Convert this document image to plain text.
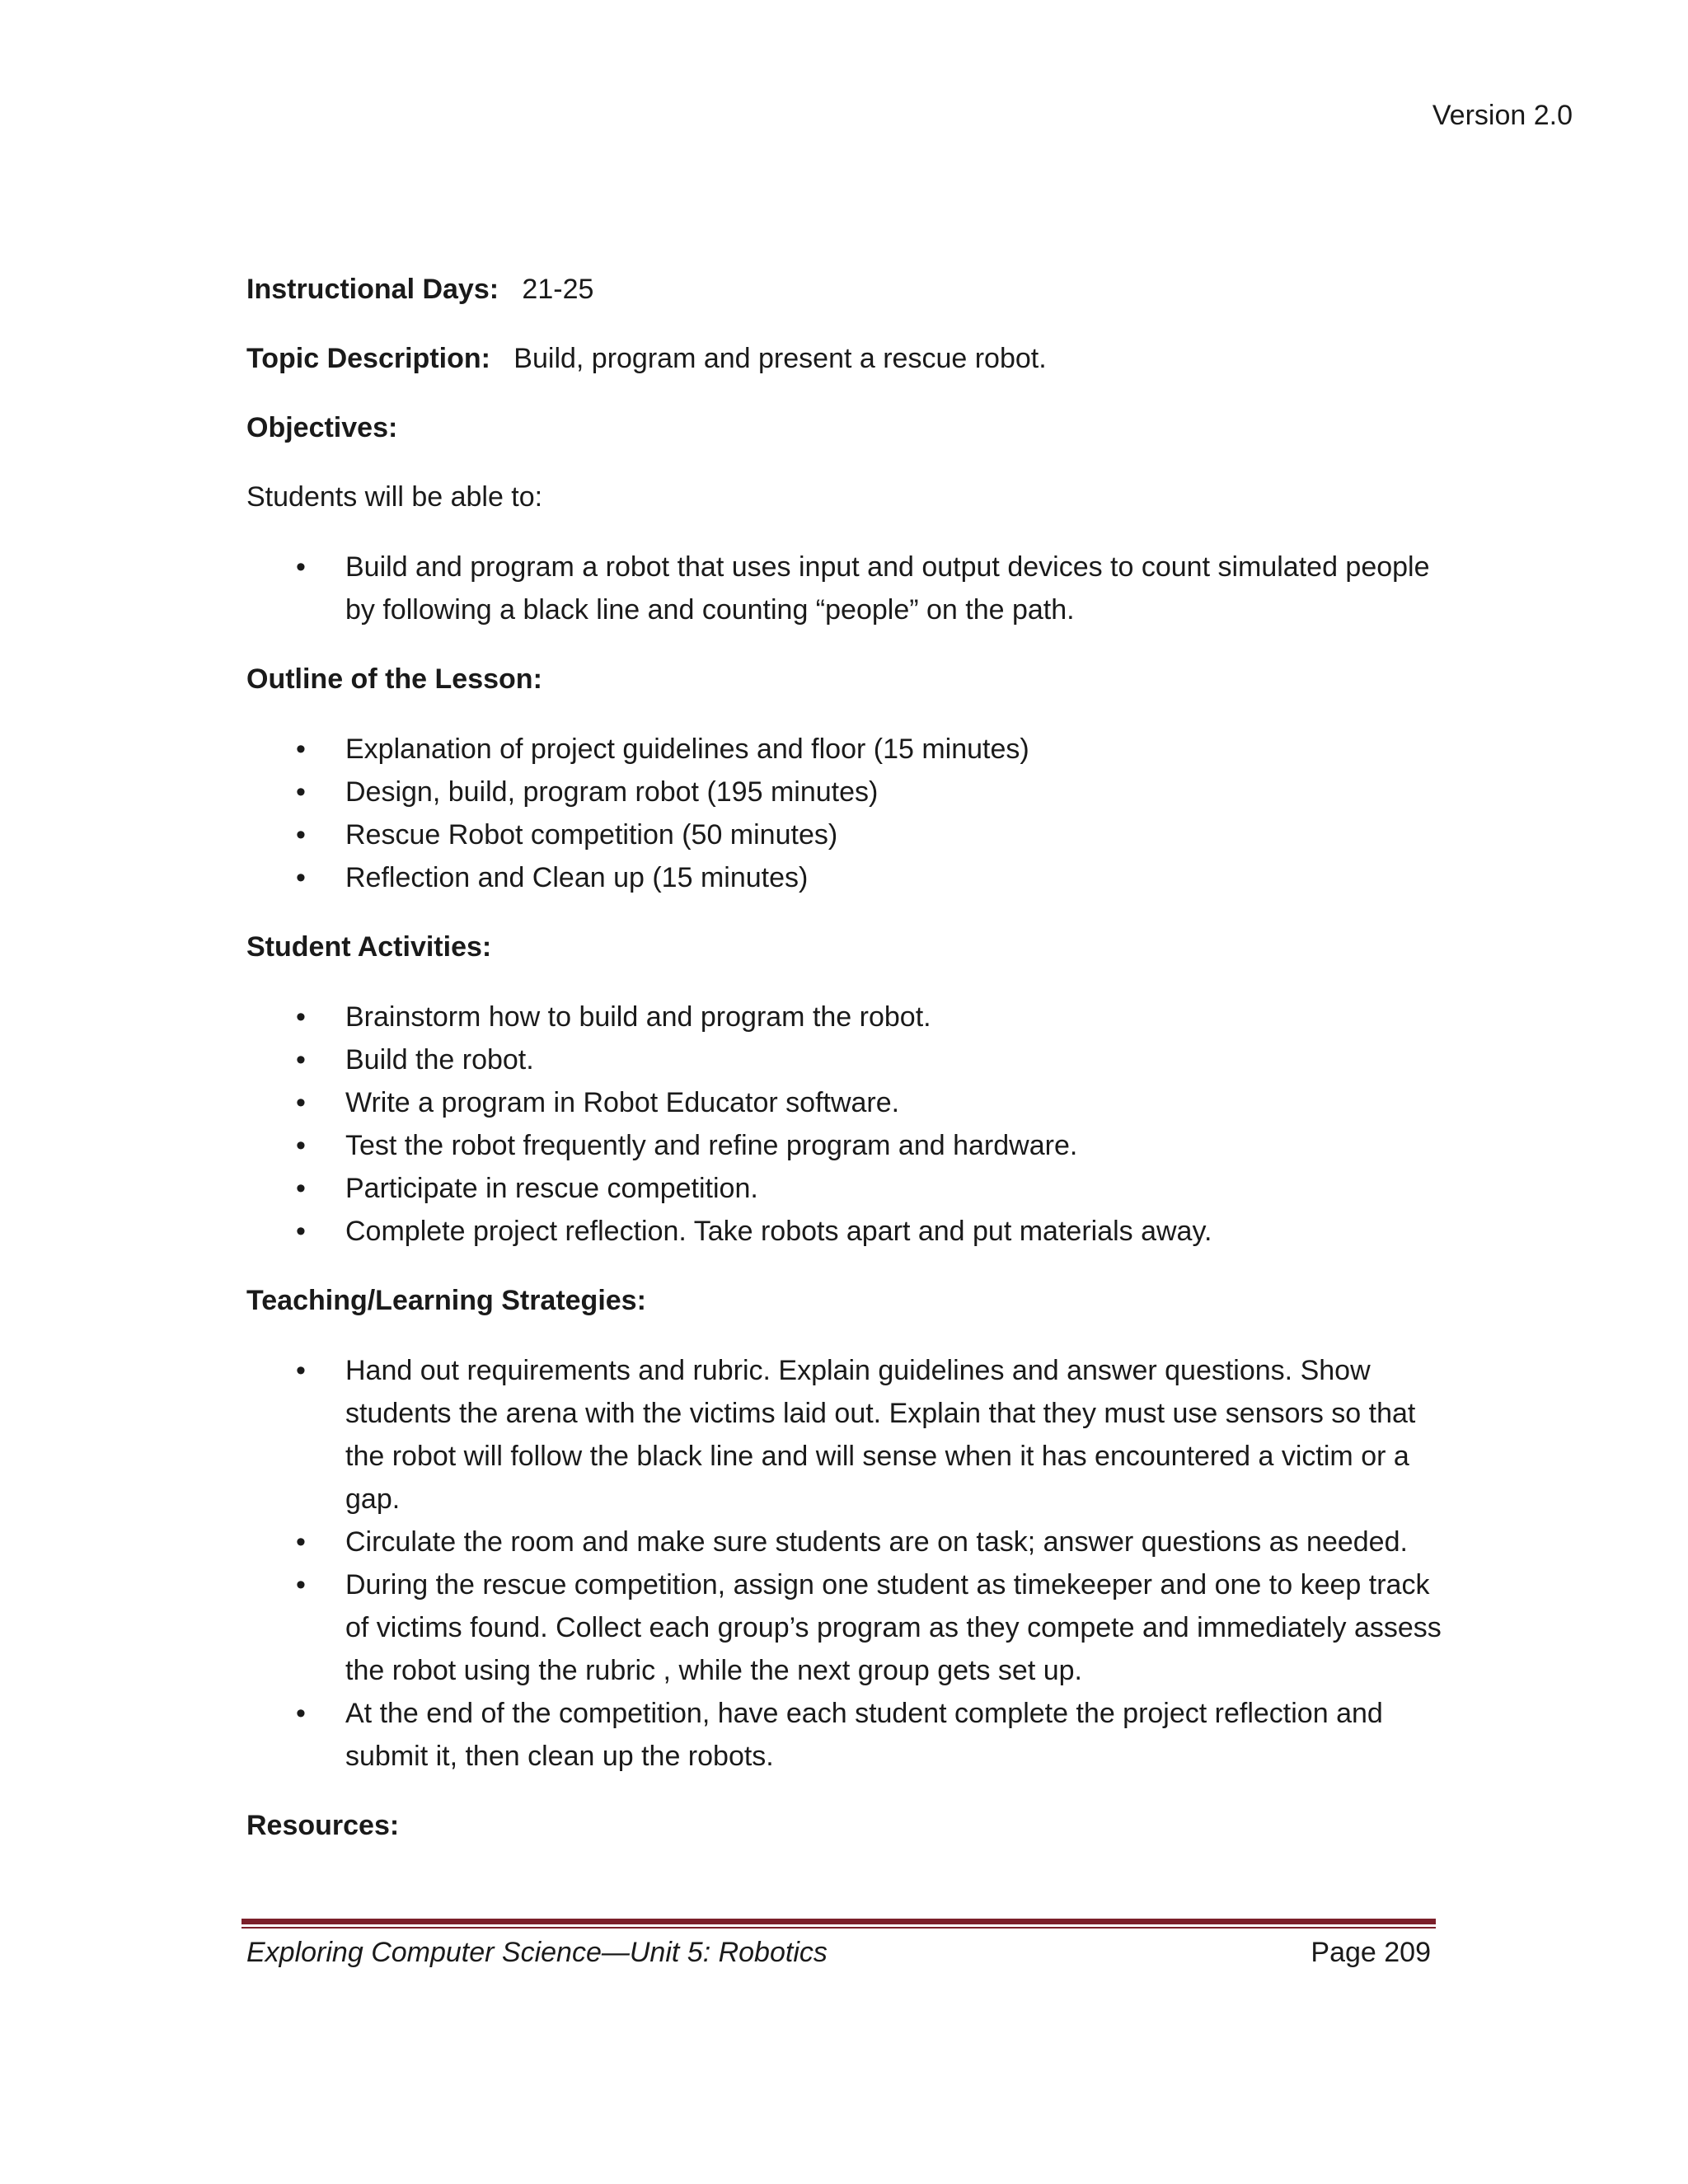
Version 2.0

Instructional Days: 21-25

Topic Description: Build, program and present a rescue robot.

Objectives:

Students will be able to:

• Build and program a robot that uses input and output devices to count simulated people
by following a black line and counting “people” on the path.

Outline of the Lesson:

• Explanation of project guidelines and floor (15 minutes)
• Design, build, program robot (195 minutes)
• Rescue Robot competition (50 minutes)
• Reflection and Clean up (15 minutes)

Student Activities:

• Brainstorm how to build and program the robot.
• Build the robot.
• Write a program in Robot Educator software.
• Test the robot frequently and refine program and hardware.
• Participate in rescue competition.
• Complete project reflection. Take robots apart and put materials away.

Teaching/Learning Strategies:

• Hand out requirements and rubric. Explain guidelines and answer questions. Show
students the arena with the victims laid out. Explain that they must use sensors so that
the robot will follow the black line and will sense when it has encountered a victim or a
gap.
• Circulate the room and make sure students are on task; answer questions as needed.
• During the rescue competition, assign one student as timekeeper and one to keep track
of victims found. Collect each group’s program as they compete and immediately assess
the robot using the rubric , while the next group gets set up.
• At the end of the competition, have each student complete the project reflection and
submit it, then clean up the robots.

Resources:

Exploring Computer Science—Unit 5: Robotics	Page 209
